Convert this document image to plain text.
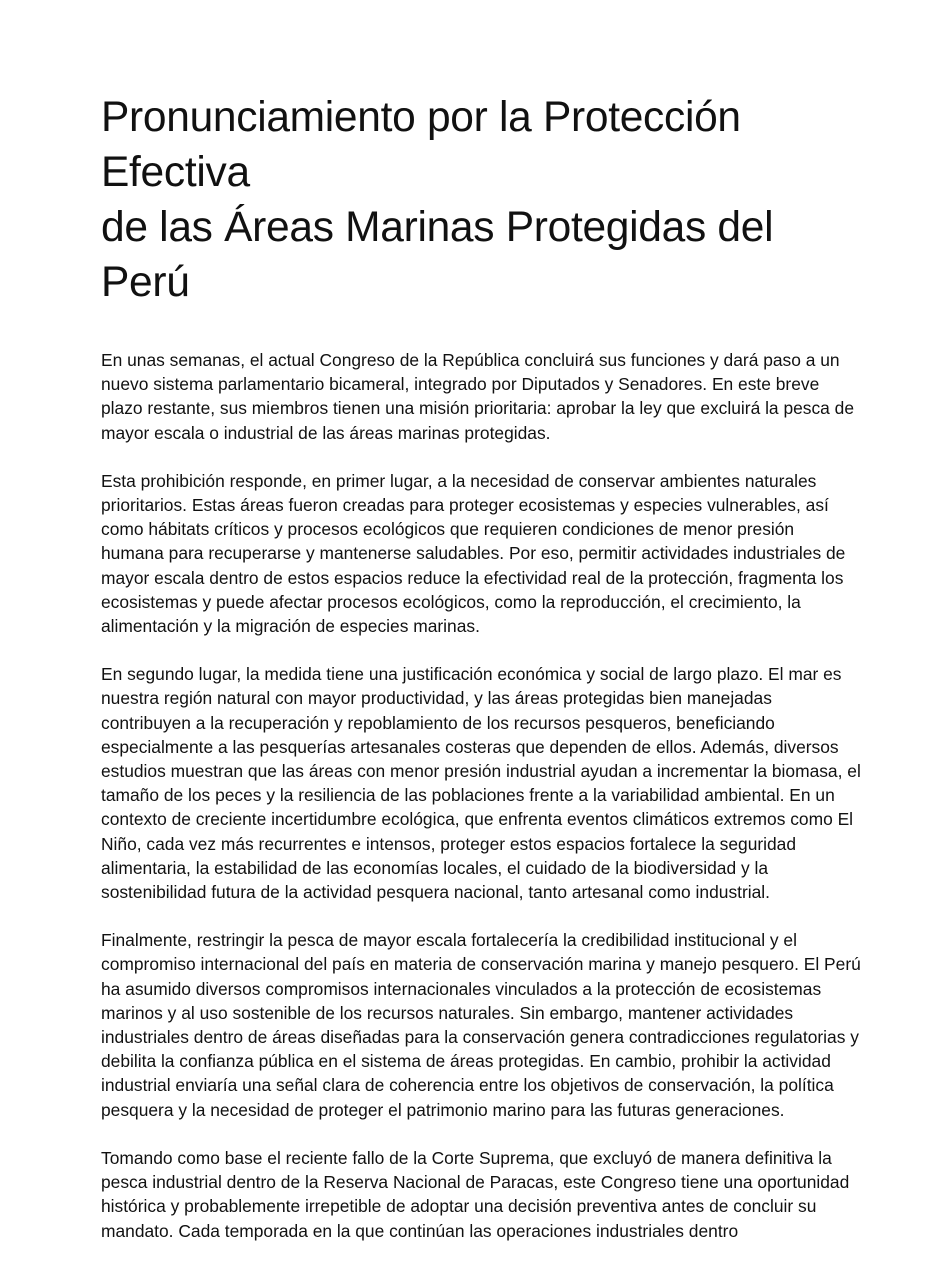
Pronunciamiento por la Protección Efectiva
de las Áreas Marinas Protegidas del Perú

En unas semanas, el actual Congreso de la República concluirá sus funciones y dará paso a un nuevo sistema parlamentario bicameral, integrado por Diputados y Senadores. En este breve plazo restante, sus miembros tienen una misión prioritaria: aprobar la ley que excluirá la pesca de mayor escala o industrial de las áreas marinas protegidas.

Esta prohibición responde, en primer lugar, a la necesidad de conservar ambientes naturales prioritarios. Estas áreas fueron creadas para proteger ecosistemas y especies vulnerables, así como hábitats críticos y procesos ecológicos que requieren condiciones de menor presión humana para recuperarse y mantenerse saludables. Por eso, permitir actividades industriales de mayor escala dentro de estos espacios reduce la efectividad real de la protección, fragmenta los ecosistemas y puede afectar procesos ecológicos, como la reproducción, el crecimiento, la alimentación y la migración de especies marinas.

En segundo lugar, la medida tiene una justificación económica y social de largo plazo. El mar es nuestra región natural con mayor productividad, y las áreas protegidas bien manejadas contribuyen a la recuperación y repoblamiento de los recursos pesqueros, beneficiando especialmente a las pesquerías artesanales costeras que dependen de ellos. Además, diversos estudios muestran que las áreas con menor presión industrial ayudan a incrementar la biomasa, el tamaño de los peces y la resiliencia de las poblaciones frente a la variabilidad ambiental. En un contexto de creciente incertidumbre ecológica, que enfrenta eventos climáticos extremos como El Niño, cada vez más recurrentes e intensos, proteger estos espacios fortalece la seguridad alimentaria, la estabilidad de las economías locales, el cuidado de la biodiversidad y la sostenibilidad futura de la actividad pesquera nacional, tanto artesanal como industrial.

Finalmente, restringir la pesca de mayor escala fortalecería la credibilidad institucional y el compromiso internacional del país en materia de conservación marina y manejo pesquero. El Perú ha asumido diversos compromisos internacionales vinculados a la protección de ecosistemas marinos y al uso sostenible de los recursos naturales. Sin embargo, mantener actividades industriales dentro de áreas diseñadas para la conservación genera contradicciones regulatorias y debilita la confianza pública en el sistema de áreas protegidas. En cambio, prohibir la actividad industrial enviaría una señal clara de coherencia entre los objetivos de conservación, la política pesquera y la necesidad de proteger el patrimonio marino para las futuras generaciones.

Tomando como base el reciente fallo de la Corte Suprema, que excluyó de manera definitiva la pesca industrial dentro de la Reserva Nacional de Paracas, este Congreso tiene una oportunidad histórica y probablemente irrepetible de adoptar una decisión preventiva antes de concluir su mandato. Cada temporada en la que continúan las operaciones industriales dentro
